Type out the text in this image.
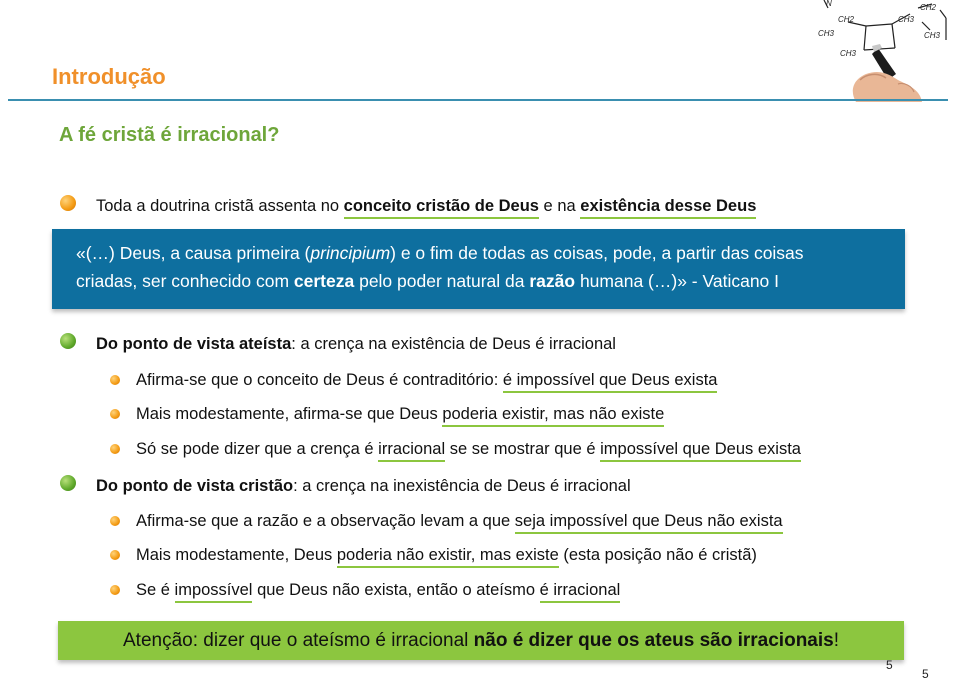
CH2
CH3
CH3
CH3
CH3
CH2
N
Introdução
A fé cristã é irracional?
Toda a doutrina cristã assenta no conceito cristão de Deus e na existência desse Deus
«(…) Deus, a causa primeira (principium) e o fim de todas as coisas, pode, a partir das coisas
criadas, ser conhecido com certeza pelo poder natural da razão humana (…)» - Vaticano I
Do ponto de vista ateísta: a crença na existência de Deus é irracional
Afirma-se que o conceito de Deus é contraditório: é impossível que Deus exista
Mais modestamente, afirma-se que Deus poderia existir, mas não existe
Só se pode dizer que a crença é irracional se se mostrar que é impossível que Deus exista
Do ponto de vista cristão: a crença na inexistência de Deus é irracional
Afirma-se que a razão e a observação levam a que seja impossível que Deus não exista
Mais modestamente, Deus poderia não existir, mas existe (esta posição não é cristã)
Se é impossível que Deus não exista, então o ateísmo é irracional
Atenção: dizer que o ateísmo é irracional não é dizer que os ateus são irracionais!
5
5
